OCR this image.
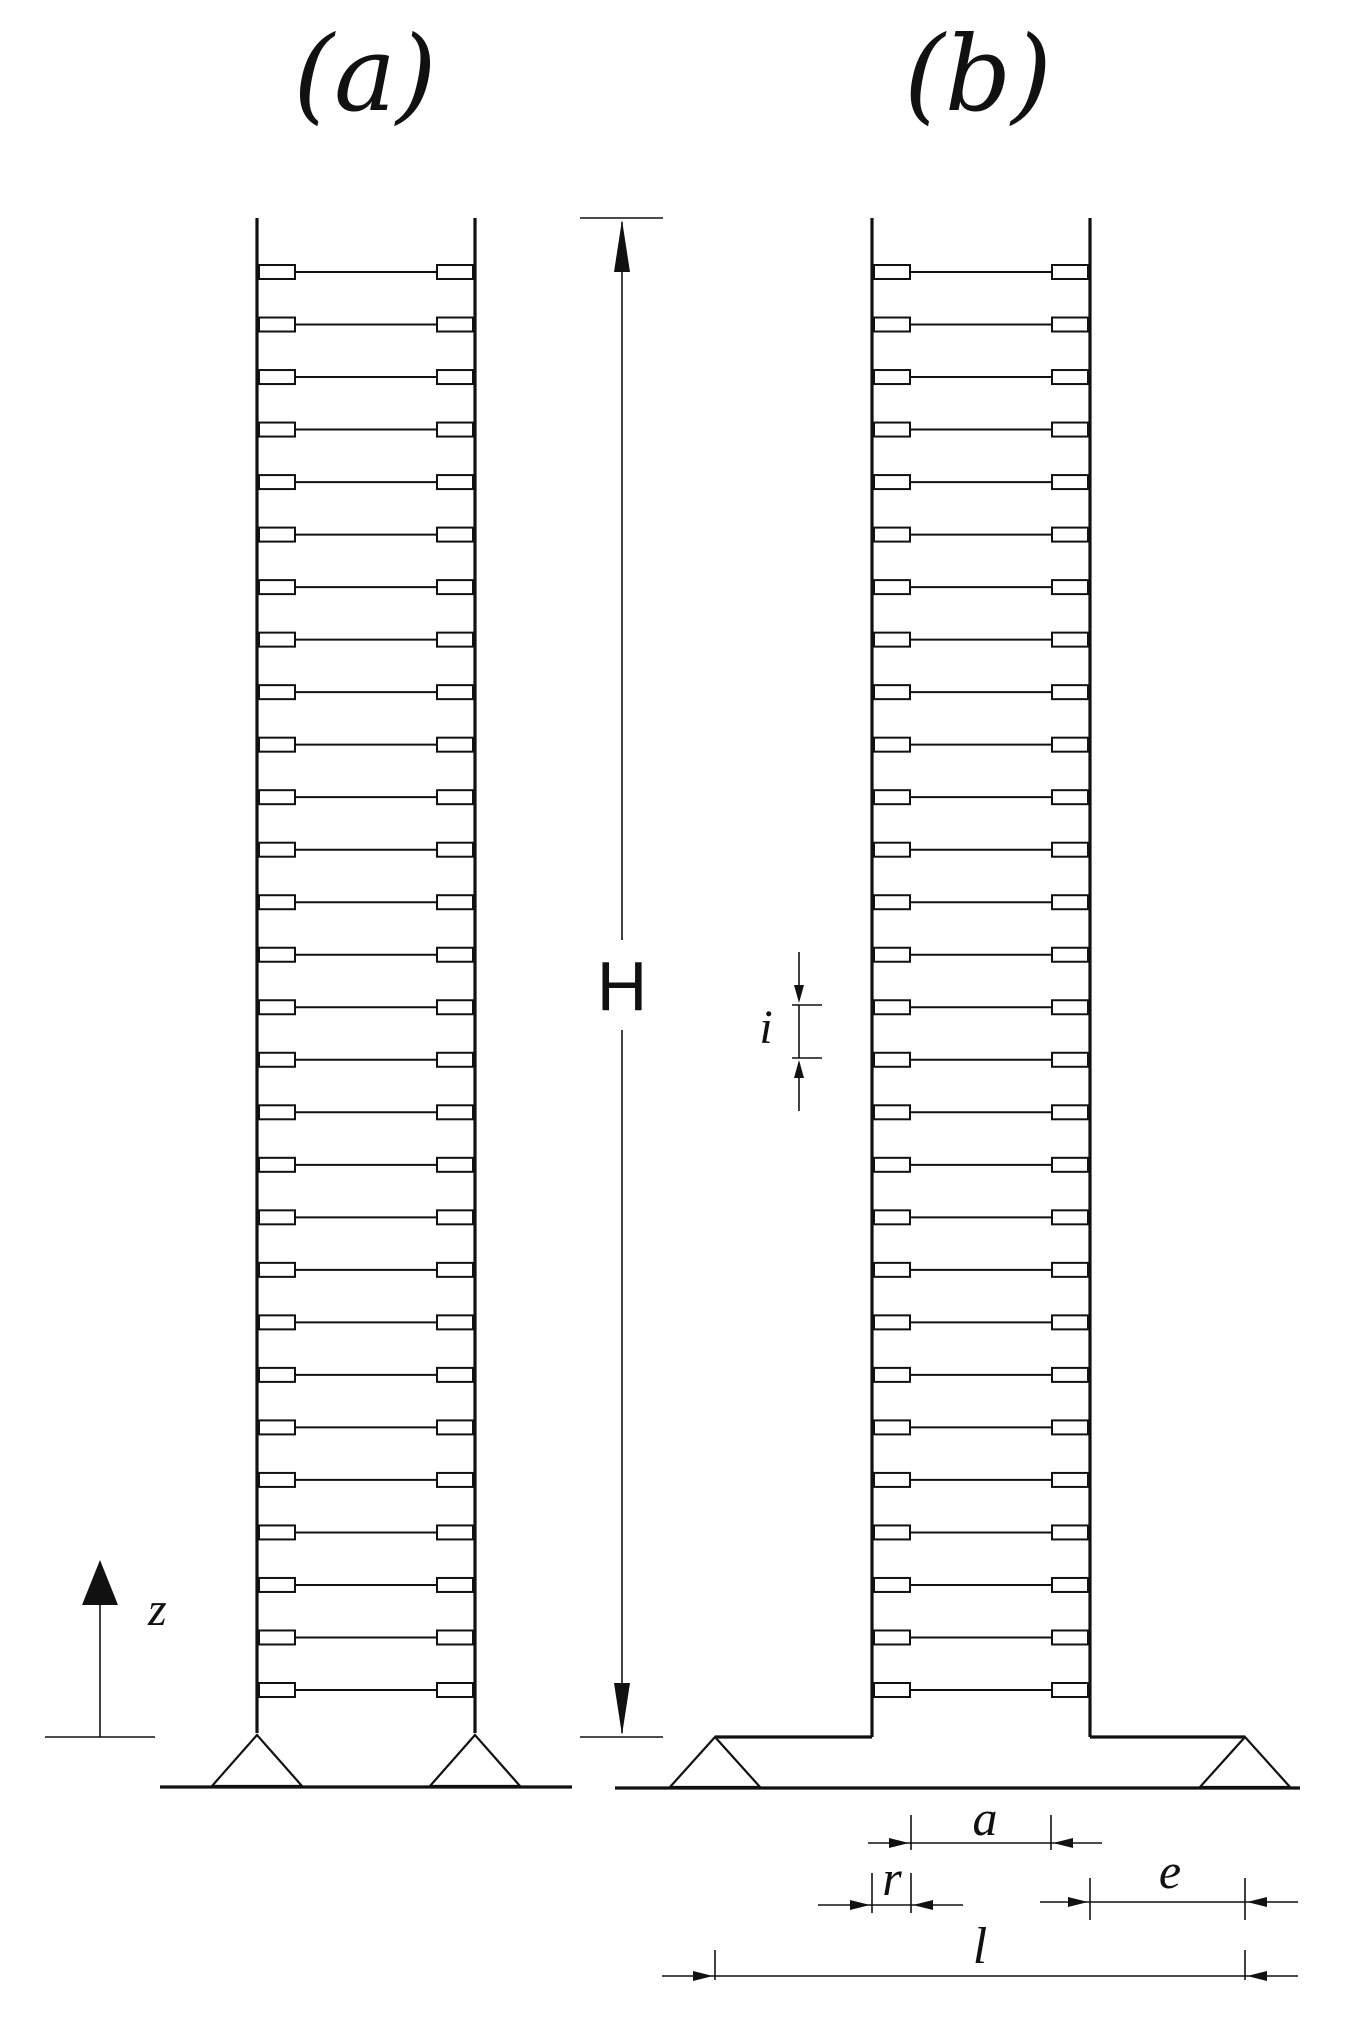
(a)	(b)
z
H
i
a
r	e
l
